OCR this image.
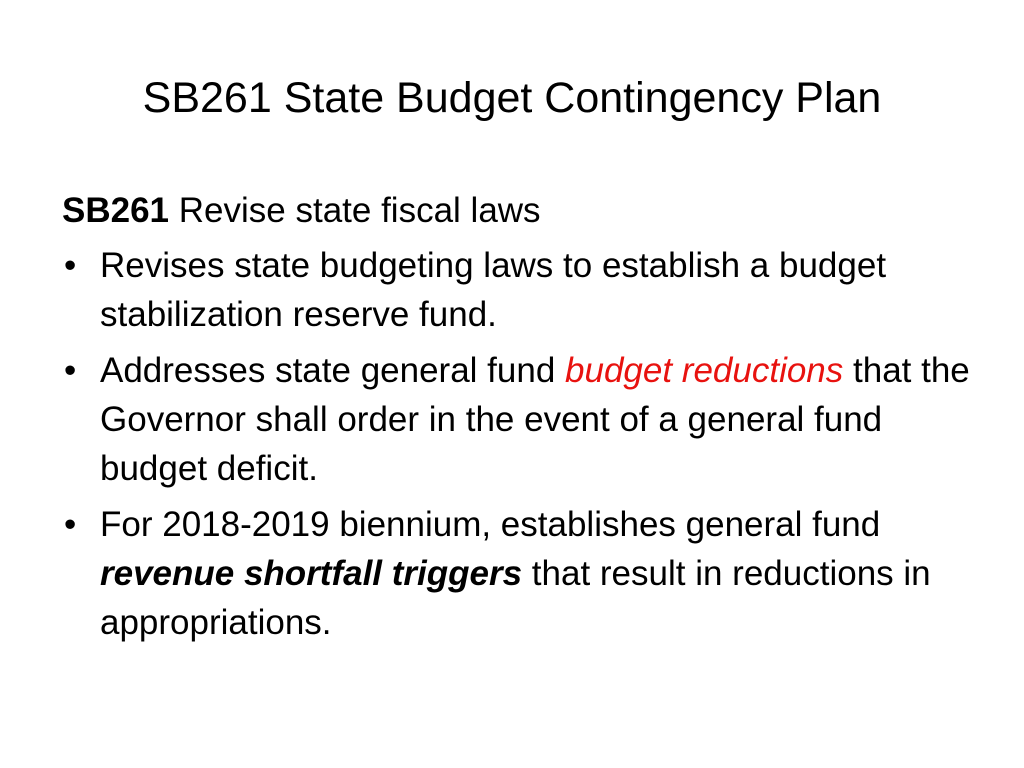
SB261 State Budget Contingency Plan
SB261 Revise state fiscal laws
• Revises state budgeting laws to establish a budget stabilization reserve fund.
• Addresses state general fund budget reductions that the Governor shall order in the event of a general fund budget deficit.
• For 2018-2019 biennium, establishes general fund revenue shortfall triggers that result in reductions in appropriations.
